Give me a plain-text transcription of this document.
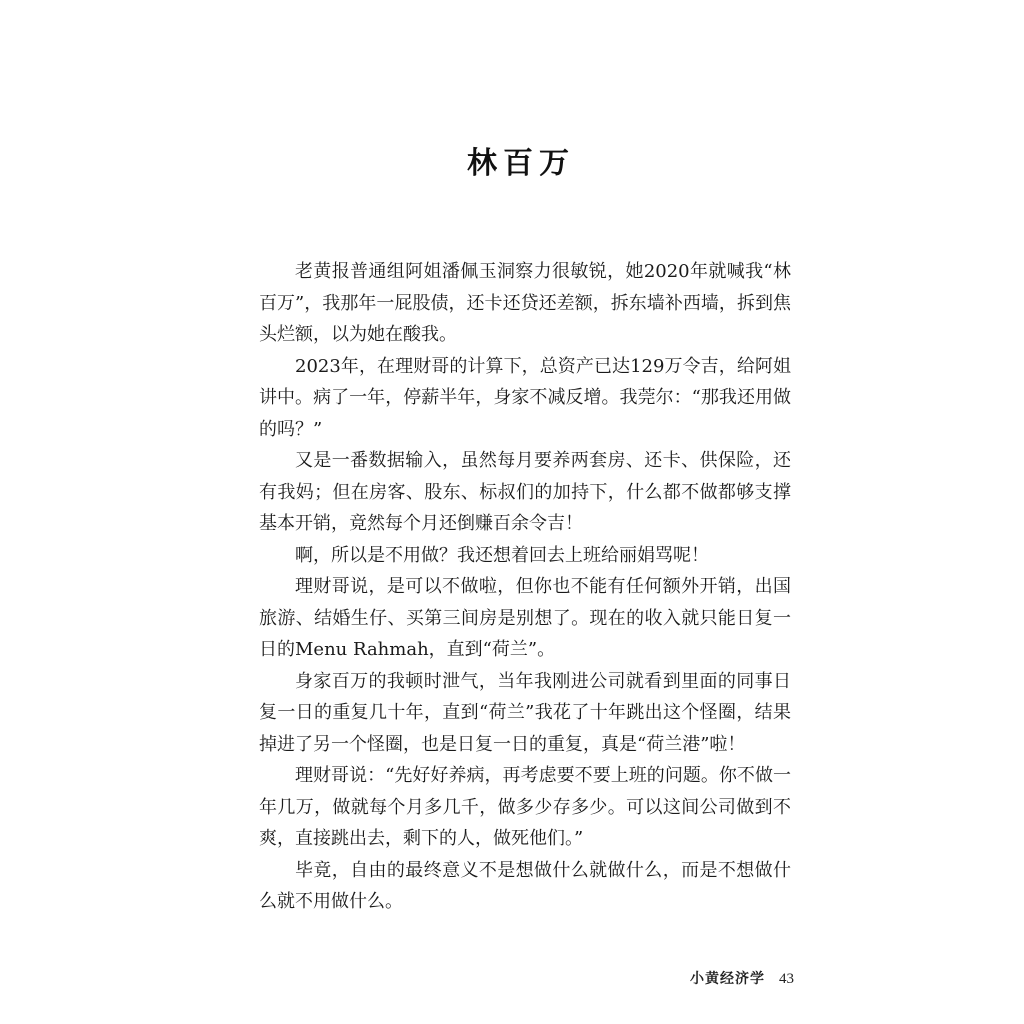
林百万

老黄报普通组阿姐潘佩玉洞察力很敏锐，她2020年就喊我“林百万”，我那年一屁股债，还卡还贷还差额，拆东墙补西墙，拆到焦头烂额，以为她在酸我。

2023年，在理财哥的计算下，总资产已达129万令吉，给阿姐讲中。病了一年，停薪半年，身家不减反增。我莞尔：“那我还用做的吗？”

又是一番数据输入，虽然每月要养两套房、还卡、供保险，还有我妈；但在房客、股东、标叔们的加持下，什么都不做都够支撑基本开销，竟然每个月还倒赚百余令吉！

啊，所以是不用做？我还想着回去上班给丽娟骂呢！

理财哥说，是可以不做啦，但你也不能有任何额外开销，出国旅游、结婚生仔、买第三间房是别想了。现在的收入就只能日复一日的Menu Rahmah，直到“荷兰”。

身家百万的我顿时泄气，当年我刚进公司就看到里面的同事日复一日的重复几十年，直到“荷兰”我花了十年跳出这个怪圈，结果掉进了另一个怪圈，也是日复一日的重复，真是“荷兰港”啦！

理财哥说：“先好好养病，再考虑要不要上班的问题。你不做一年几万，做就每个月多几千，做多少存多少。可以这间公司做到不爽，直接跳出去，剩下的人，做死他们。”

毕竟，自由的最终意义不是想做什么就做什么，而是不想做什么就不用做什么。

小黄经济学 43
